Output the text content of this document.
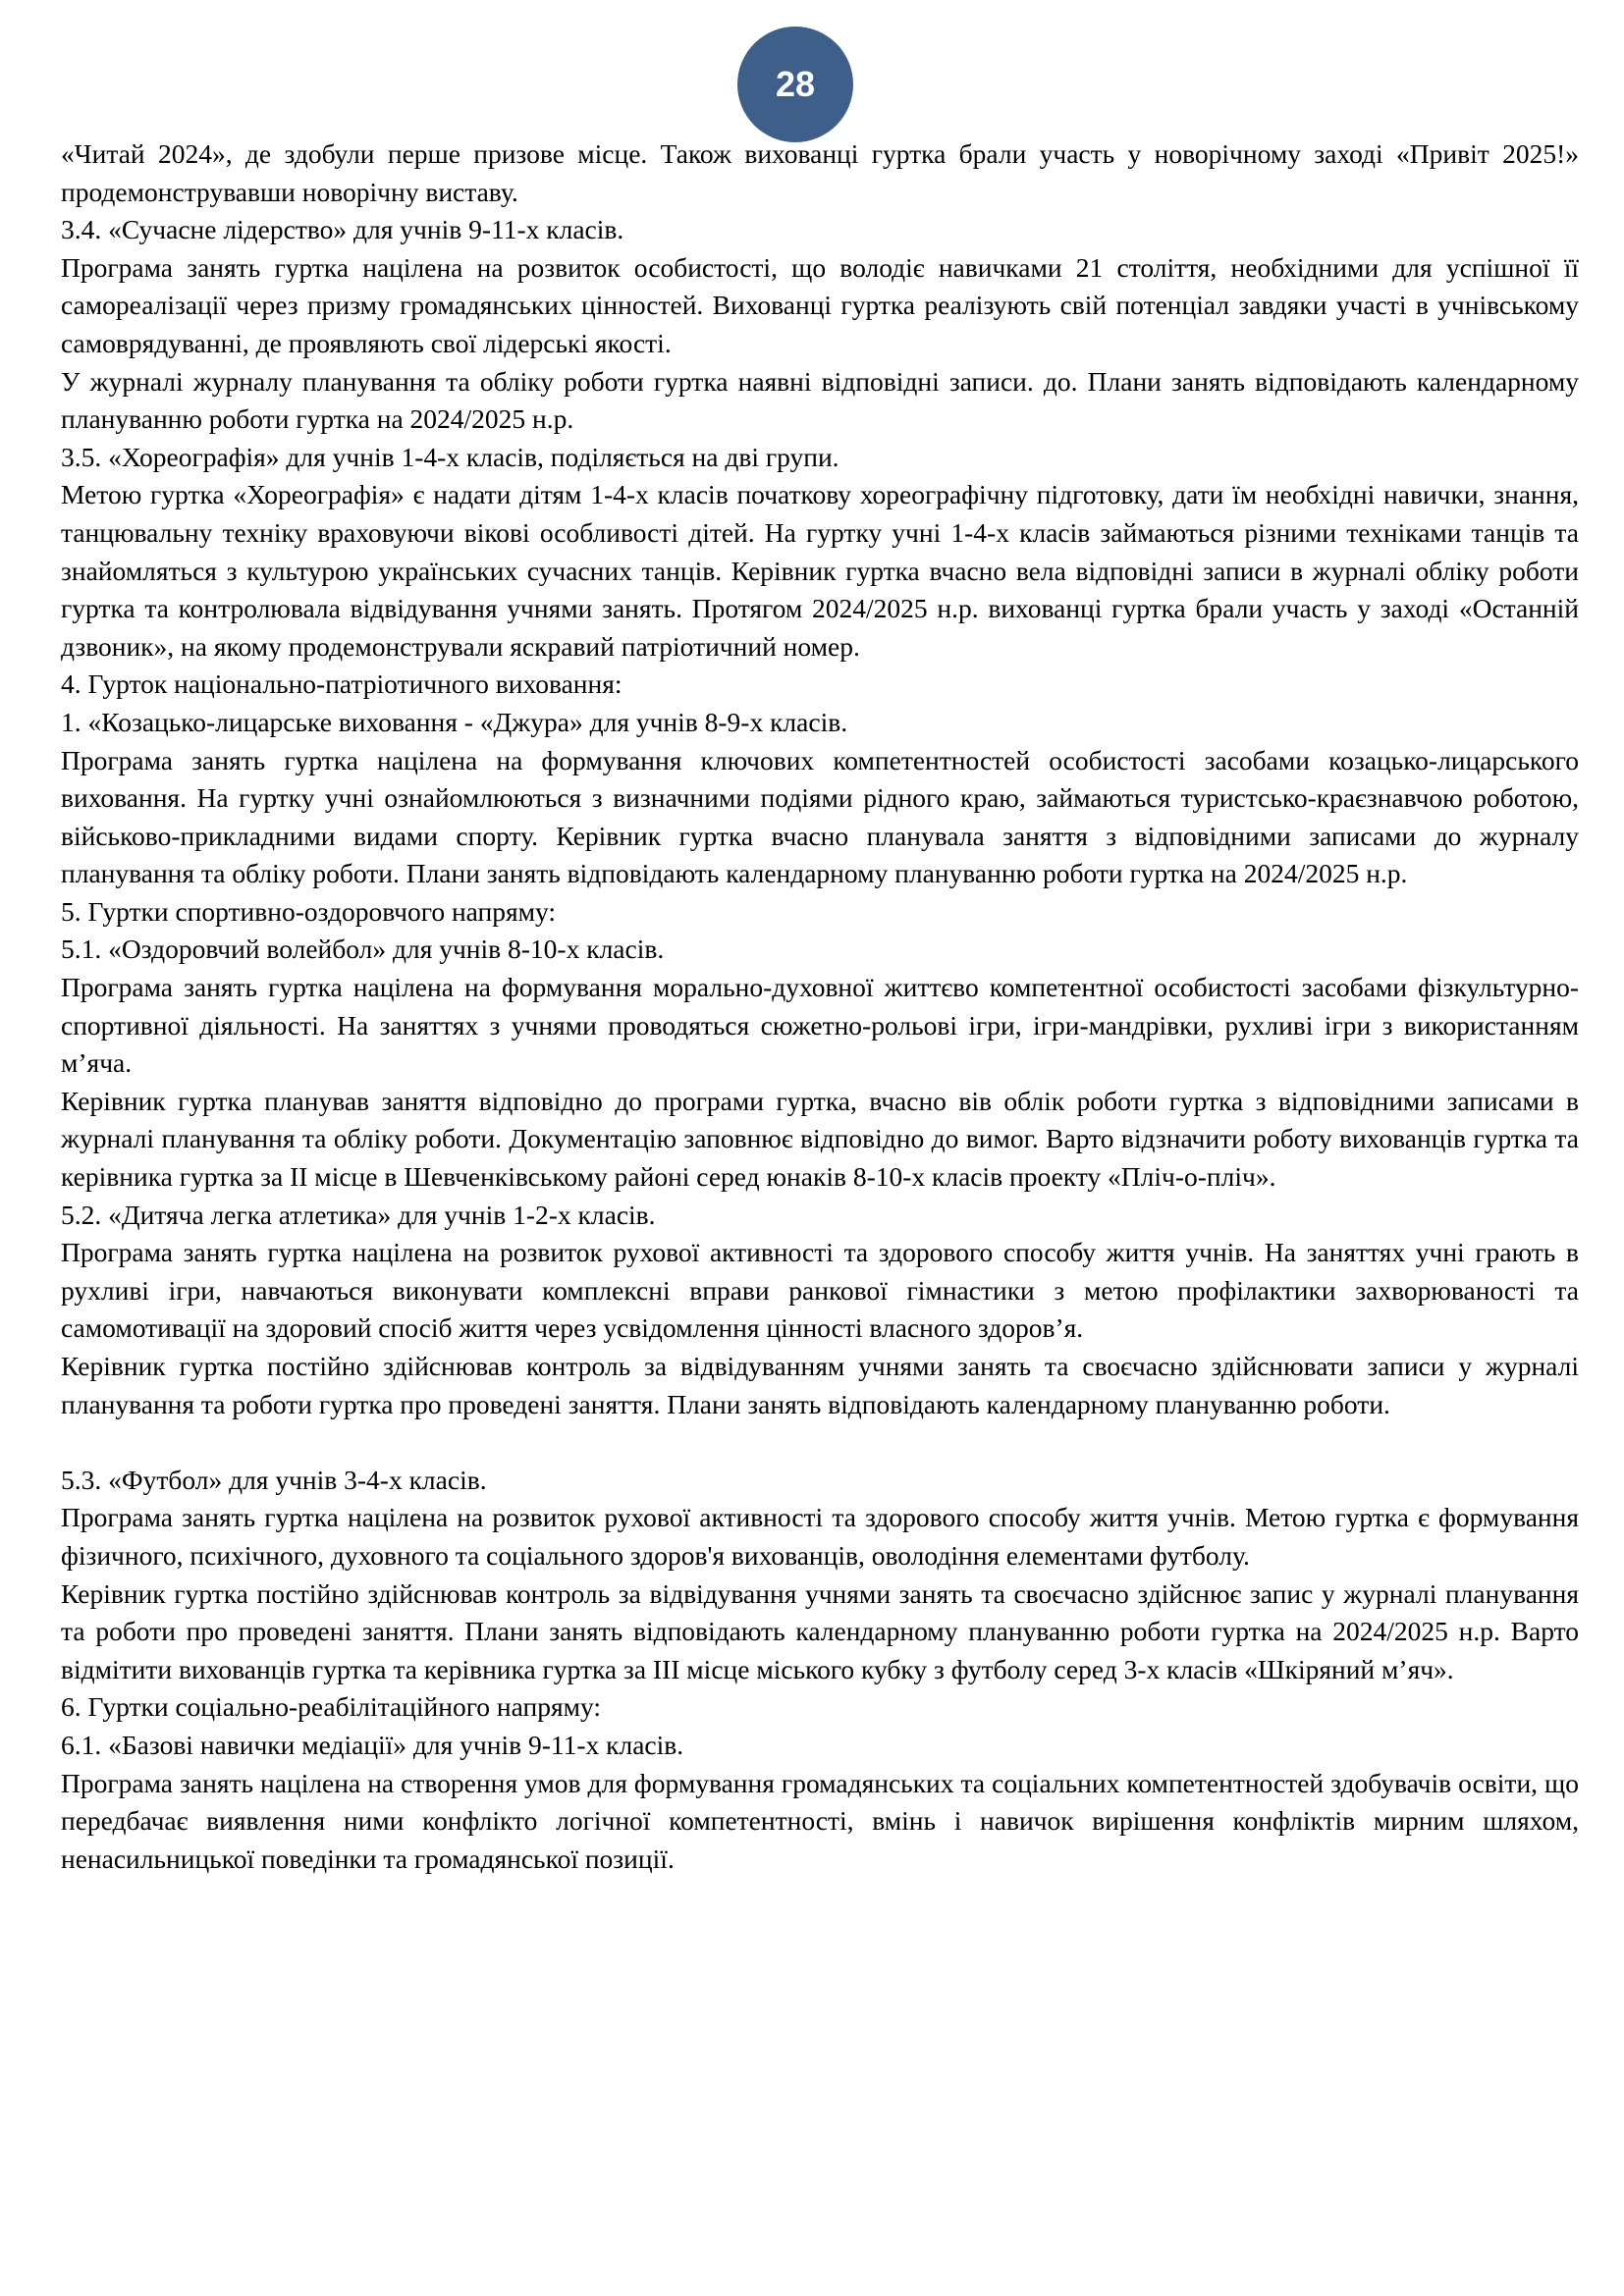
28

«Читай 2024», де здобули перше призове місце. Також вихованці гуртка брали участь у новорічному заході «Привіт 2025!» продемонструвавши новорічну виставу.

3.4. «Сучасне лідерство» для учнів 9-11-х класів.

Програма занять гуртка націлена на розвиток особистості, що володіє навичками 21 століття, необхідними для успішної її самореалізації через призму громадянських цінностей. Вихованці гуртка реалізують свій потенціал завдяки участі в учнівському самоврядуванні, де проявляють свої лідерські якості.

У журналі журналу планування та обліку роботи гуртка наявні відповідні записи. до. Плани занять відповідають календарному плануванню роботи гуртка на 2024/2025 н.р.

3.5. «Хореографія» для учнів 1-4-х класів, поділяється на дві групи.

Метою гуртка «Хореографія» є надати дітям 1-4-х класів початкову хореографічну підготовку, дати їм необхідні навички, знання, танцювальну техніку враховуючи вікові особливості дітей. На гуртку учні 1-4-х класів займаються різними техніками танців та знайомляться з культурою українських сучасних танців. Керівник гуртка вчасно вела відповідні записи в журналі обліку роботи гуртка та контролювала відвідування учнями занять. Протягом 2024/2025 н.р. вихованці гуртка брали участь у заході «Останній дзвоник», на якому продемонстрували яскравий патріотичний номер.

4. Гурток національно-патріотичного виховання:

1. «Козацько-лицарське виховання - «Джура» для учнів 8-9-х класів.

Програма занять гуртка націлена на формування ключових компетентностей особистості засобами козацько-лицарського виховання. На гуртку учні ознайомлюються з визначними подіями рідного краю, займаються туристсько-краєзнавчою роботою, військово-прикладними видами спорту. Керівник гуртка вчасно планувала заняття з відповідними записами до журналу планування та обліку роботи. Плани занять відповідають календарному плануванню роботи гуртка на 2024/2025 н.р.

5. Гуртки спортивно-оздоровчого напряму:

5.1. «Оздоровчий волейбол» для учнів 8-10-х класів.

Програма занять гуртка націлена на формування морально-духовної життєво компетентної особистості засобами фізкультурно-спортивної діяльності. На заняттях з учнями проводяться сюжетно-рольові ігри, ігри-мандрівки, рухливі ігри з використанням м’яча.

Керівник гуртка планував заняття відповідно до програми гуртка, вчасно вів облік роботи гуртка з відповідними записами в журналі планування та обліку роботи. Документацію заповнює відповідно до вимог. Варто відзначити роботу вихованців гуртка та керівника гуртка за ІІ місце в Шевченківському районі серед юнаків 8-10-х класів проекту «Пліч-о-пліч».

5.2. «Дитяча легка атлетика» для учнів 1-2-х класів.

Програма занять гуртка націлена на розвиток рухової активності та здорового способу життя учнів. На заняттях учні грають в рухливі ігри, навчаються виконувати комплексні вправи ранкової гімнастики з метою профілактики захворюваності та самомотивації на здоровий спосіб життя через усвідомлення цінності власного здоров’я.

Керівник гуртка постійно здійснював контроль за відвідуванням учнями занять та своєчасно здійснювати записи у журналі планування та роботи гуртка про проведені заняття. Плани занять відповідають календарному плануванню роботи.

5.3. «Футбол» для учнів 3-4-х класів.

Програма занять гуртка націлена на розвиток рухової активності та здорового способу життя учнів. Метою гуртка є формування фізичного, психічного, духовного та соціального здоров'я вихованців, оволодіння елементами футболу.

Керівник гуртка постійно здійснював контроль за відвідування учнями занять та своєчасно здійснює запис у журналі планування та роботи про проведені заняття. Плани занять відповідають календарному плануванню роботи гуртка на 2024/2025 н.р. Варто відмітити вихованців гуртка та керівника гуртка за ІІІ місце міського кубку з футболу серед 3-х класів «Шкіряний м’яч».

6. Гуртки соціально-реабілітаційного напряму:

6.1. «Базові навички медіації» для учнів 9-11-х класів.

Програма занять націлена на створення умов для формування громадянських та соціальних компетентностей здобувачів освіти, що передбачає виявлення ними конфлікто логічної компетентності, вмінь і навичок вирішення конфліктів мирним шляхом, ненасильницької поведінки та громадянської позиції.
